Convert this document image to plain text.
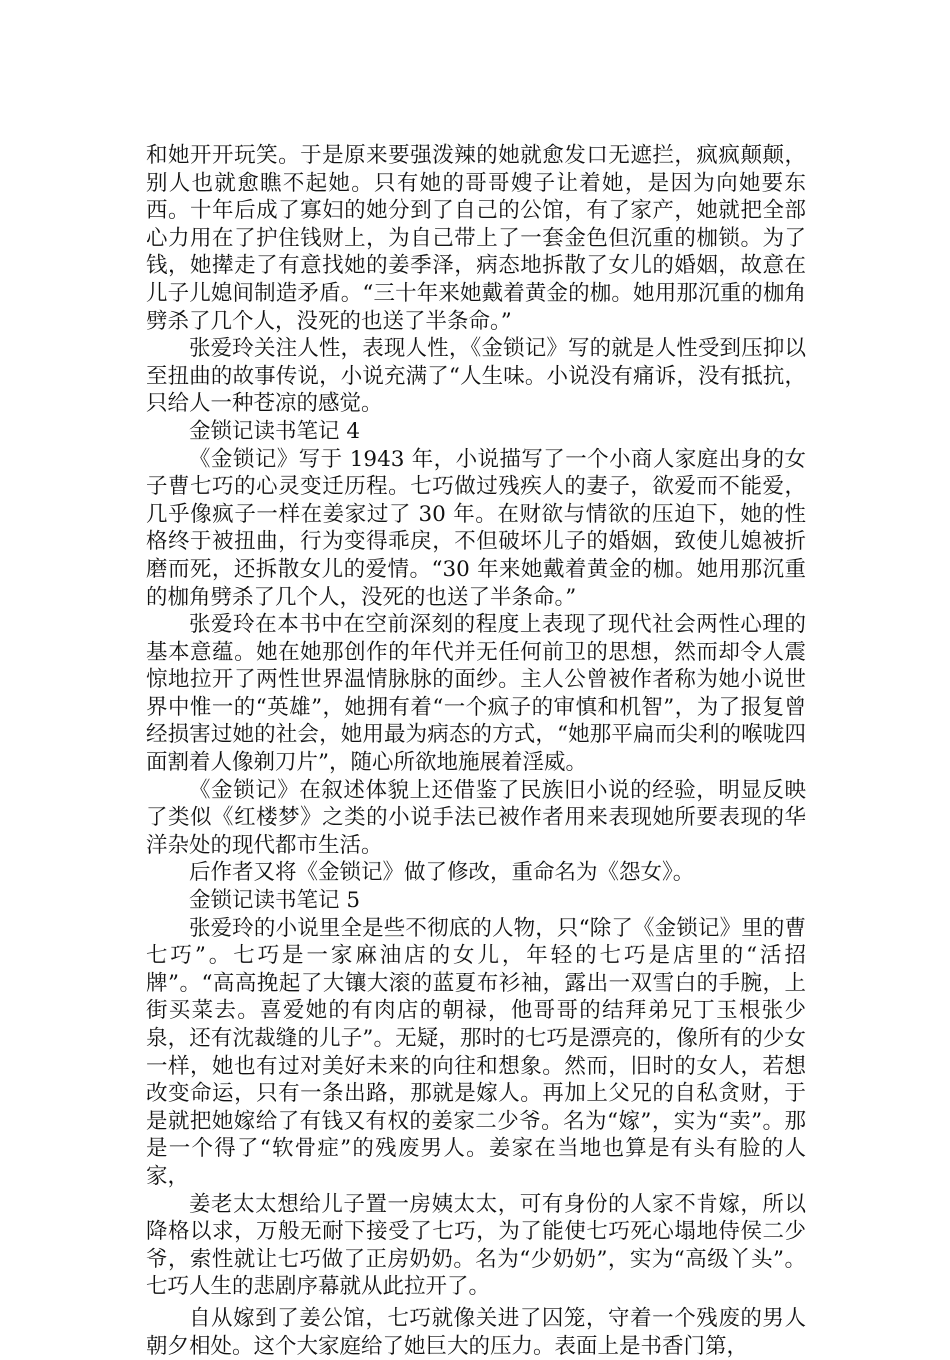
和她开开玩笑。于是原来要强泼辣的她就愈发口无遮拦，疯疯颠颠，别人也就愈瞧不起她。只有她的哥哥嫂子让着她，是因为向她要东西。十年后成了寡妇的她分到了自己的公馆，有了家产，她就把全部心力用在了护住钱财上，为自己带上了一套金色但沉重的枷锁。为了钱，她撵走了有意找她的姜季泽，病态地拆散了女儿的婚姻，故意在儿子儿媳间制造矛盾。“三十年来她戴着黄金的枷。她用那沉重的枷角劈杀了几个人，没死的也送了半条命。”

张爱玲关注人性，表现人性，《金锁记》写的就是人性受到压抑以至扭曲的故事传说，小说充满了“人生味。小说没有痛诉，没有抵抗，只给人一种苍凉的感觉。

金锁记读书笔记 4

《金锁记》写于 1943 年，小说描写了一个小商人家庭出身的女子曹七巧的心灵变迁历程。七巧做过残疾人的妻子，欲爱而不能爱，几乎像疯子一样在姜家过了 30 年。在财欲与情欲的压迫下，她的性格终于被扭曲，行为变得乖戾，不但破坏儿子的婚姻，致使儿媳被折磨而死，还拆散女儿的爱情。“30 年来她戴着黄金的枷。她用那沉重的枷角劈杀了几个人，没死的也送了半条命。”

张爱玲在本书中在空前深刻的程度上表现了现代社会两性心理的基本意蕴。她在她那创作的年代并无任何前卫的思想，然而却令人震惊地拉开了两性世界温情脉脉的面纱。主人公曾被作者称为她小说世界中惟一的“英雄”，她拥有着“一个疯子的审慎和机智”，为了报复曾经损害过她的社会，她用最为病态的方式，“她那平扁而尖利的喉咙四面割着人像剃刀片”，随心所欲地施展着淫威。

《金锁记》在叙述体貌上还借鉴了民族旧小说的经验，明显反映了类似《红楼梦》之类的小说手法已被作者用来表现她所要表现的华洋杂处的现代都市生活。

后作者又将《金锁记》做了修改，重命名为《怨女》。

金锁记读书笔记 5

张爱玲的小说里全是些不彻底的人物，只“除了《金锁记》里的曹七巧”。七巧是一家麻油店的女儿，年轻的七巧是店里的“活招牌”。“高高挽起了大镶大滚的蓝夏布衫袖，露出一双雪白的手腕，上街买菜去。喜爱她的有肉店的朝禄，他哥哥的结拜弟兄丁玉根张少泉，还有沈裁缝的儿子”。无疑，那时的七巧是漂亮的，像所有的少女一样，她也有过对美好未来的向往和想象。然而，旧时的女人，若想改变命运，只有一条出路，那就是嫁人。再加上父兄的自私贪财，于是就把她嫁给了有钱又有权的姜家二少爷。名为“嫁”，实为“卖”。那是一个得了“软骨症”的残废男人。姜家在当地也算是有头有脸的人家，

姜老太太想给儿子置一房姨太太，可有身份的人家不肯嫁，所以降格以求，万般无耐下接受了七巧，为了能使七巧死心塌地侍侯二少爷，索性就让七巧做了正房奶奶。名为“少奶奶”，实为“高级丫头”。七巧人生的悲剧序幕就从此拉开了。

自从嫁到了姜公馆，七巧就像关进了囚笼，守着一个残废的男人朝夕相处。这个大家庭给了她巨大的压力。表面上是书香门第，
